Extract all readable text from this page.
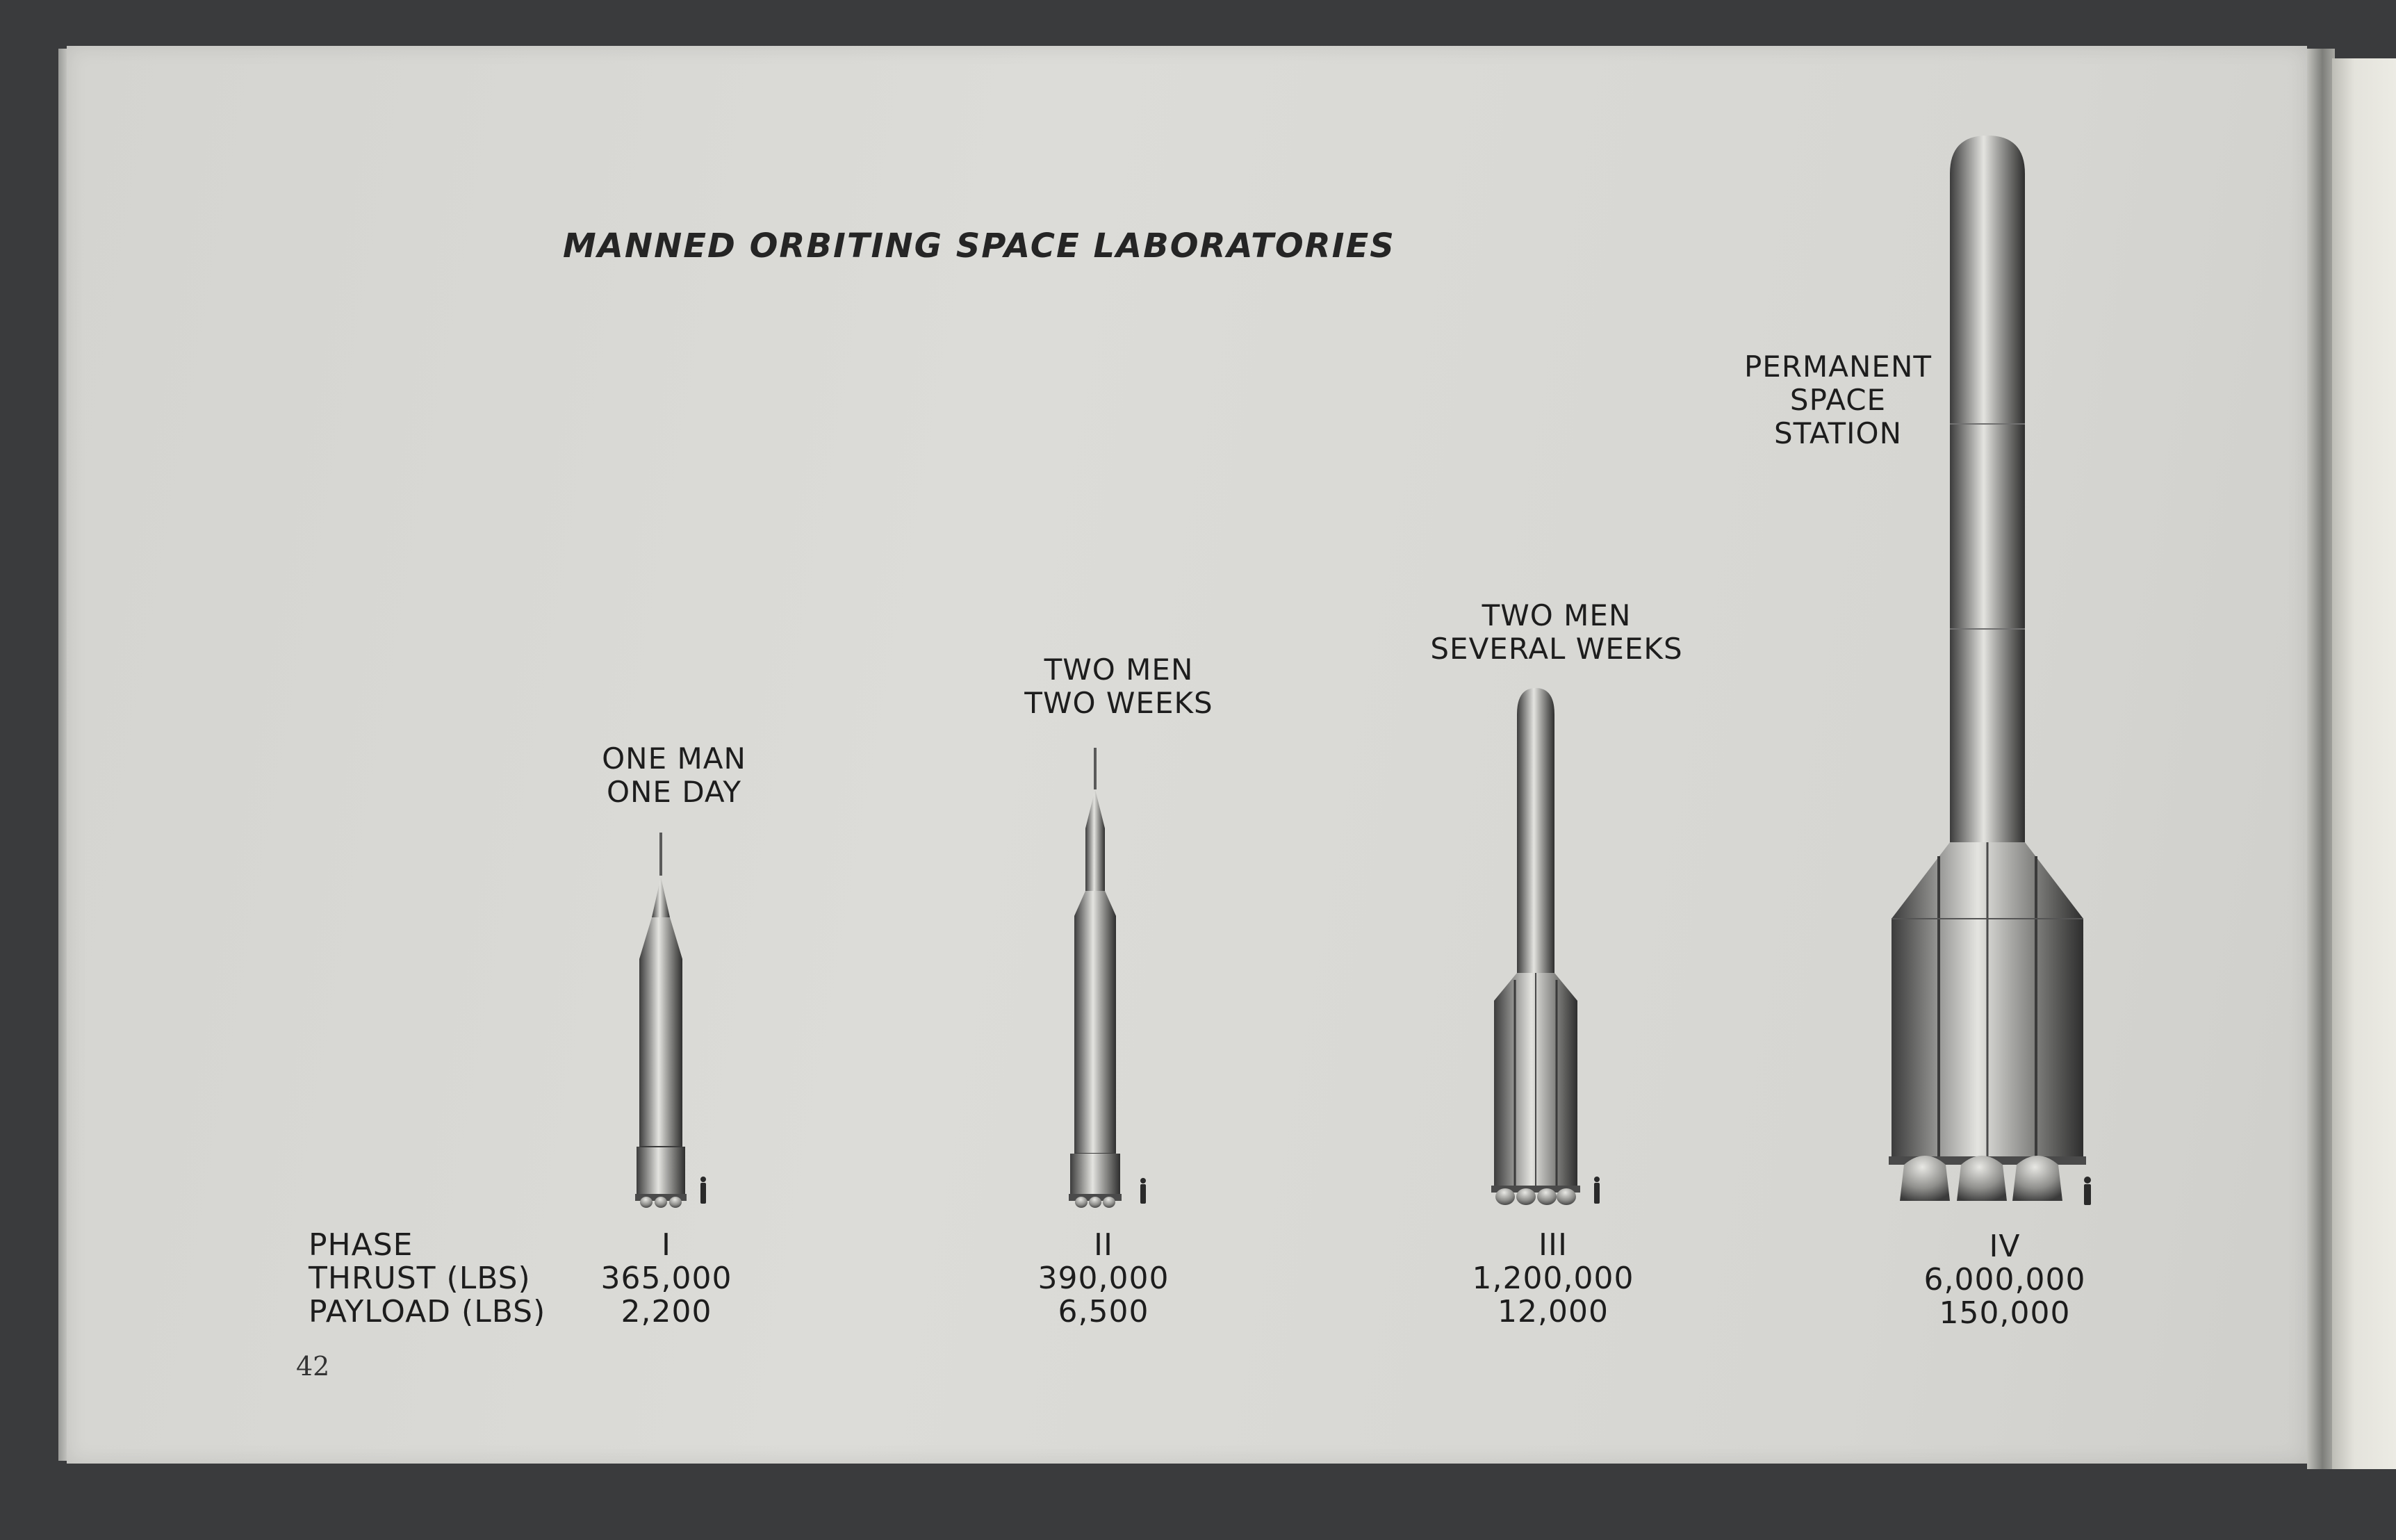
MANNED ORBITING SPACE LABORATORIES
ONE MAN
ONE DAY
TWO MEN
TWO WEEKS
TWO MEN
SEVERAL WEEKS
PERMANENT
SPACE
STATION
PHASE
THRUST (LBS)
PAYLOAD (LBS)
I
365,000
2,200
II
390,000
6,500
III
1,200,000
12,000
IV
6,000,000
150,000
42
